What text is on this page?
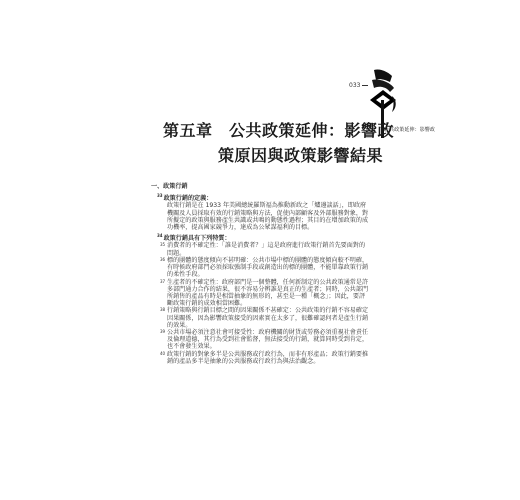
033
公共政策延伸：影響政
第五章　公共政策延伸：影響政
策原因與政策影響結果
一、政策行銷
$^{33}$政策行銷的定義：
政策行銷是在 1933 年美國總統羅斯福為推動新政之「爐邊談話」，即政府機關及人員採取有效的行銷策略與方法，促使內部顧客及外部服務對象，對所擬定的政策與服務產生共識或共鳴的動態性過程；其目的在增加政策的成功機率，提高國家競爭力，達成為公眾謀福利的目標。
$^{34}$政策行銷具有下列特質：
35 消費者的不確定性：「誰是消費者？」這是政府進行政策行銷首先要面對的問題。
36 標的團體的態度傾向不甚明確：公共市場中標的團體的態度傾向較不明確，有時候政府部門必須採取強制手段或創造出的標的團體，不能單靠政策行銷的柔性手段。
37 生產者的不確定性：政府部門是一個整體，任何新制定的公共政策通常是許多部門通力合作的結果，很不容易分辨誰是真正的生產者；同時，公共部門所銷售的產品有時是相當抽象的無形的，甚至是一種「概念」；因此，要評斷政策行銷的成效相當困難。
38 行銷策略與行銷目標之間的因果關係不甚確定：公共政策的行銷不容易確定因果關係，因為影響政策接受的因素實在太多了，很難確認何者是產生行銷的效果。
39 公共市場必須注意社會可接受性：政府機關的財貨或勞務必須重視社會責任及倫理道德，其行為受到社會監督，無法接受的行銷，就算同時受到肯定，也不會發生效果。
40 政策行銷的對象多半是公共服務或行政行為，而非有形產品；政策行銷要推銷的產品多半是抽象的公共服務或行政行為與法治觀念。
